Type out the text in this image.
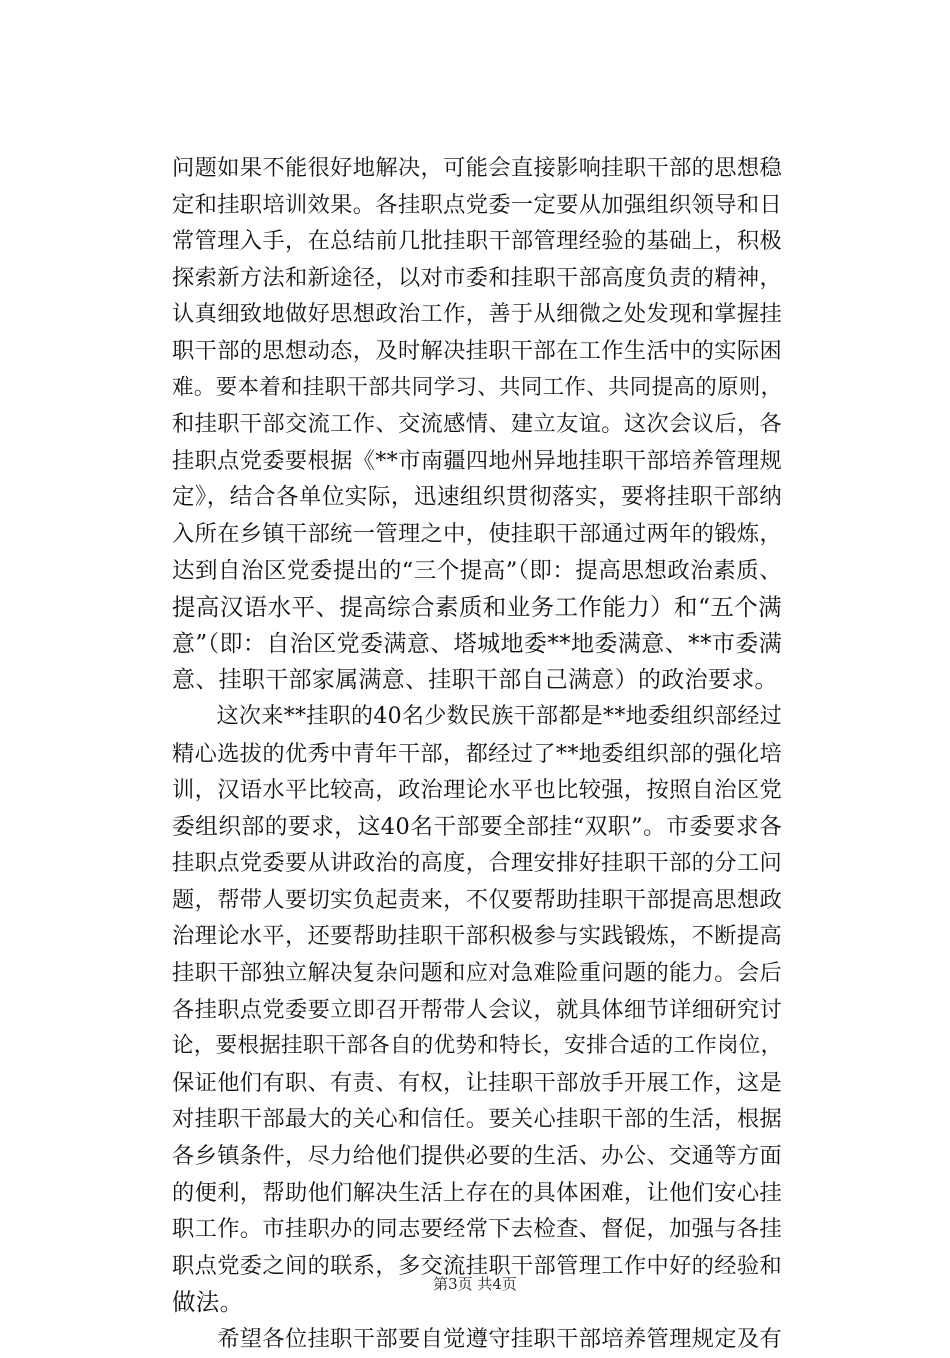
问题如果不能很好地解决，可能会直接影响挂职干部的思想稳
定和挂职培训效果。各挂职点党委一定要从加强组织领导和日
常管理入手，在总结前几批挂职干部管理经验的基础上，积极
探索新方法和新途径，以对市委和挂职干部高度负责的精神，
认真细致地做好思想政治工作，善于从细微之处发现和掌握挂
职干部的思想动态，及时解决挂职干部在工作生活中的实际困
难。要本着和挂职干部共同学习、共同工作、共同提高的原则，
和挂职干部交流工作、交流感情、建立友谊。这次会议后，各
挂职点党委要根据《**市南疆四地州异地挂职干部培养管理规
定》，结合各单位实际，迅速组织贯彻落实，要将挂职干部纳
入所在乡镇干部统一管理之中，使挂职干部通过两年的锻炼，
达到自治区党委提出的“三个提高”（即：提高思想政治素质、
提高汉语水平、提高综合素质和业务工作能力）和“五个满
意”（即：自治区党委满意、塔城地委**地委满意、**市委满
意、挂职干部家属满意、挂职干部自己满意）的政治要求。
　　这次来**挂职的40名少数民族干部都是**地委组织部经过
精心选拔的优秀中青年干部，都经过了**地委组织部的强化培
训，汉语水平比较高，政治理论水平也比较强，按照自治区党
委组织部的要求，这40名干部要全部挂“双职”。市委要求各
挂职点党委要从讲政治的高度，合理安排好挂职干部的分工问
题，帮带人要切实负起责来，不仅要帮助挂职干部提高思想政
治理论水平，还要帮助挂职干部积极参与实践锻炼，不断提高
挂职干部独立解决复杂问题和应对急难险重问题的能力。会后
各挂职点党委要立即召开帮带人会议，就具体细节详细研究讨
论，要根据挂职干部各自的优势和特长，安排合适的工作岗位，
保证他们有职、有责、有权，让挂职干部放手开展工作，这是
对挂职干部最大的关心和信任。要关心挂职干部的生活，根据
各乡镇条件，尽力给他们提供必要的生活、办公、交通等方面
的便利，帮助他们解决生活上存在的具体困难，让他们安心挂
职工作。市挂职办的同志要经常下去检查、督促，加强与各挂
职点党委之间的联系，多交流挂职干部管理工作中好的经验和
做法。
　　希望各位挂职干部要自觉遵守挂职干部培养管理规定及有
第3页 共4页
